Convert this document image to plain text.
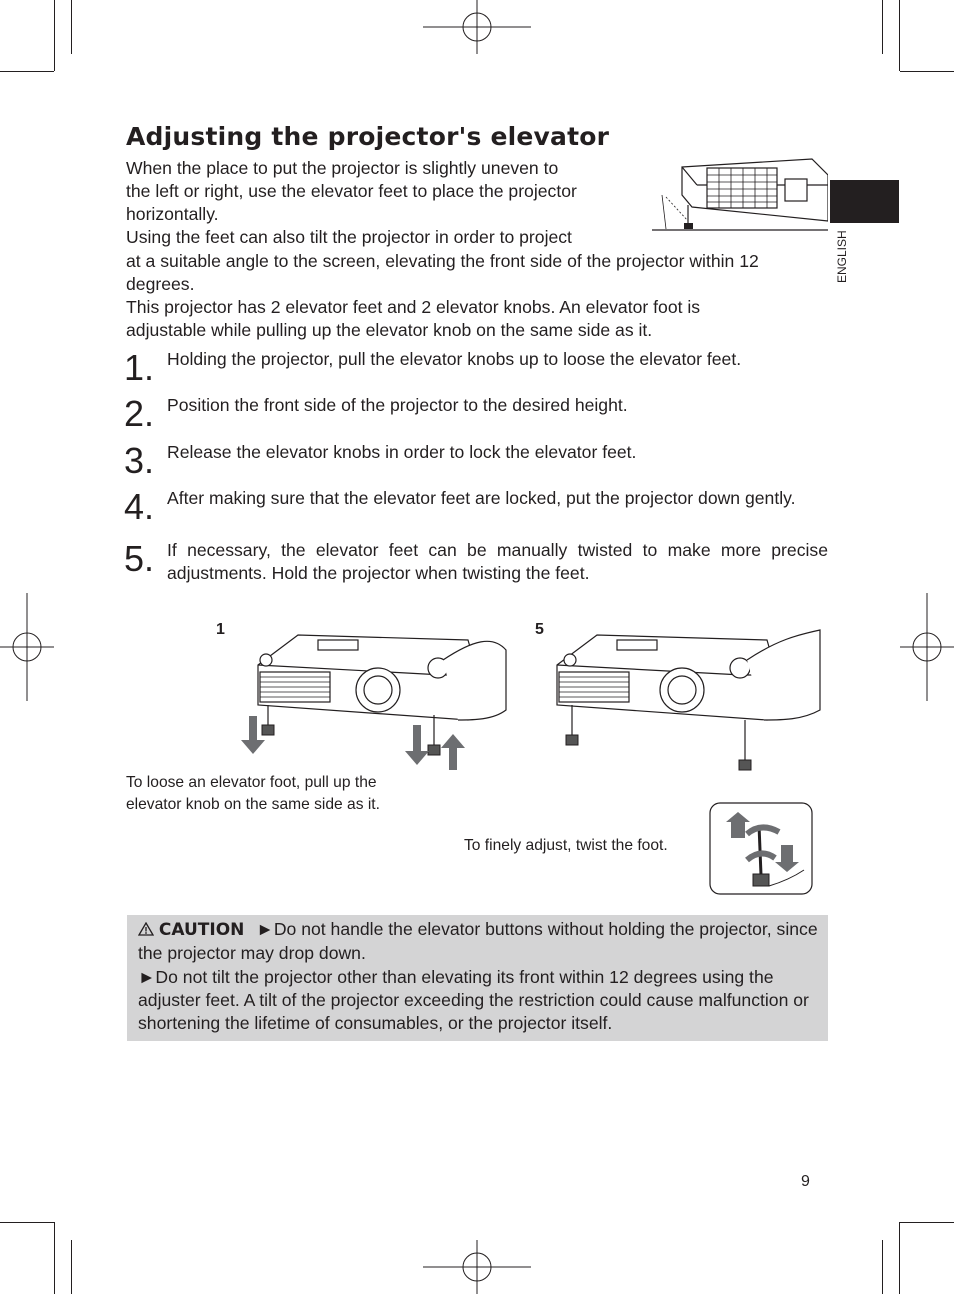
ENGLISH
Adjusting the projector's elevator
When the place to put the projector is slightly uneven to
the left or right, use the elevator feet to place the projector
horizontally.
Using the feet can also tilt the projector in order to project
at a suitable angle to the screen, elevating the front side of the projector within 12
degrees.
This projector has 2 elevator feet and 2 elevator knobs. An elevator foot is
adjustable while pulling up the elevator knob on the same side as it.
1. Holding the projector, pull the elevator knobs up to loose the elevator feet.
2. Position the front side of the projector to the desired height.
3. Release the elevator knobs in order to lock the elevator feet.
4. After making sure that the elevator feet are locked, put the projector down gently.
5. If necessary, the elevator feet can be manually twisted to make more precise adjustments. Hold the projector when twisting the feet.
1	5
To loose an elevator foot, pull up the
elevator knob on the same side as it.
To finely adjust, twist the foot.
CAUTION ►Do not handle the elevator buttons without holding the projector, since the projector may drop down.
►Do not tilt the projector other than elevating its front within 12 degrees using the adjuster feet. A tilt of the projector exceeding the restriction could cause malfunction or shortening the lifetime of consumables, or the projector itself.
9
